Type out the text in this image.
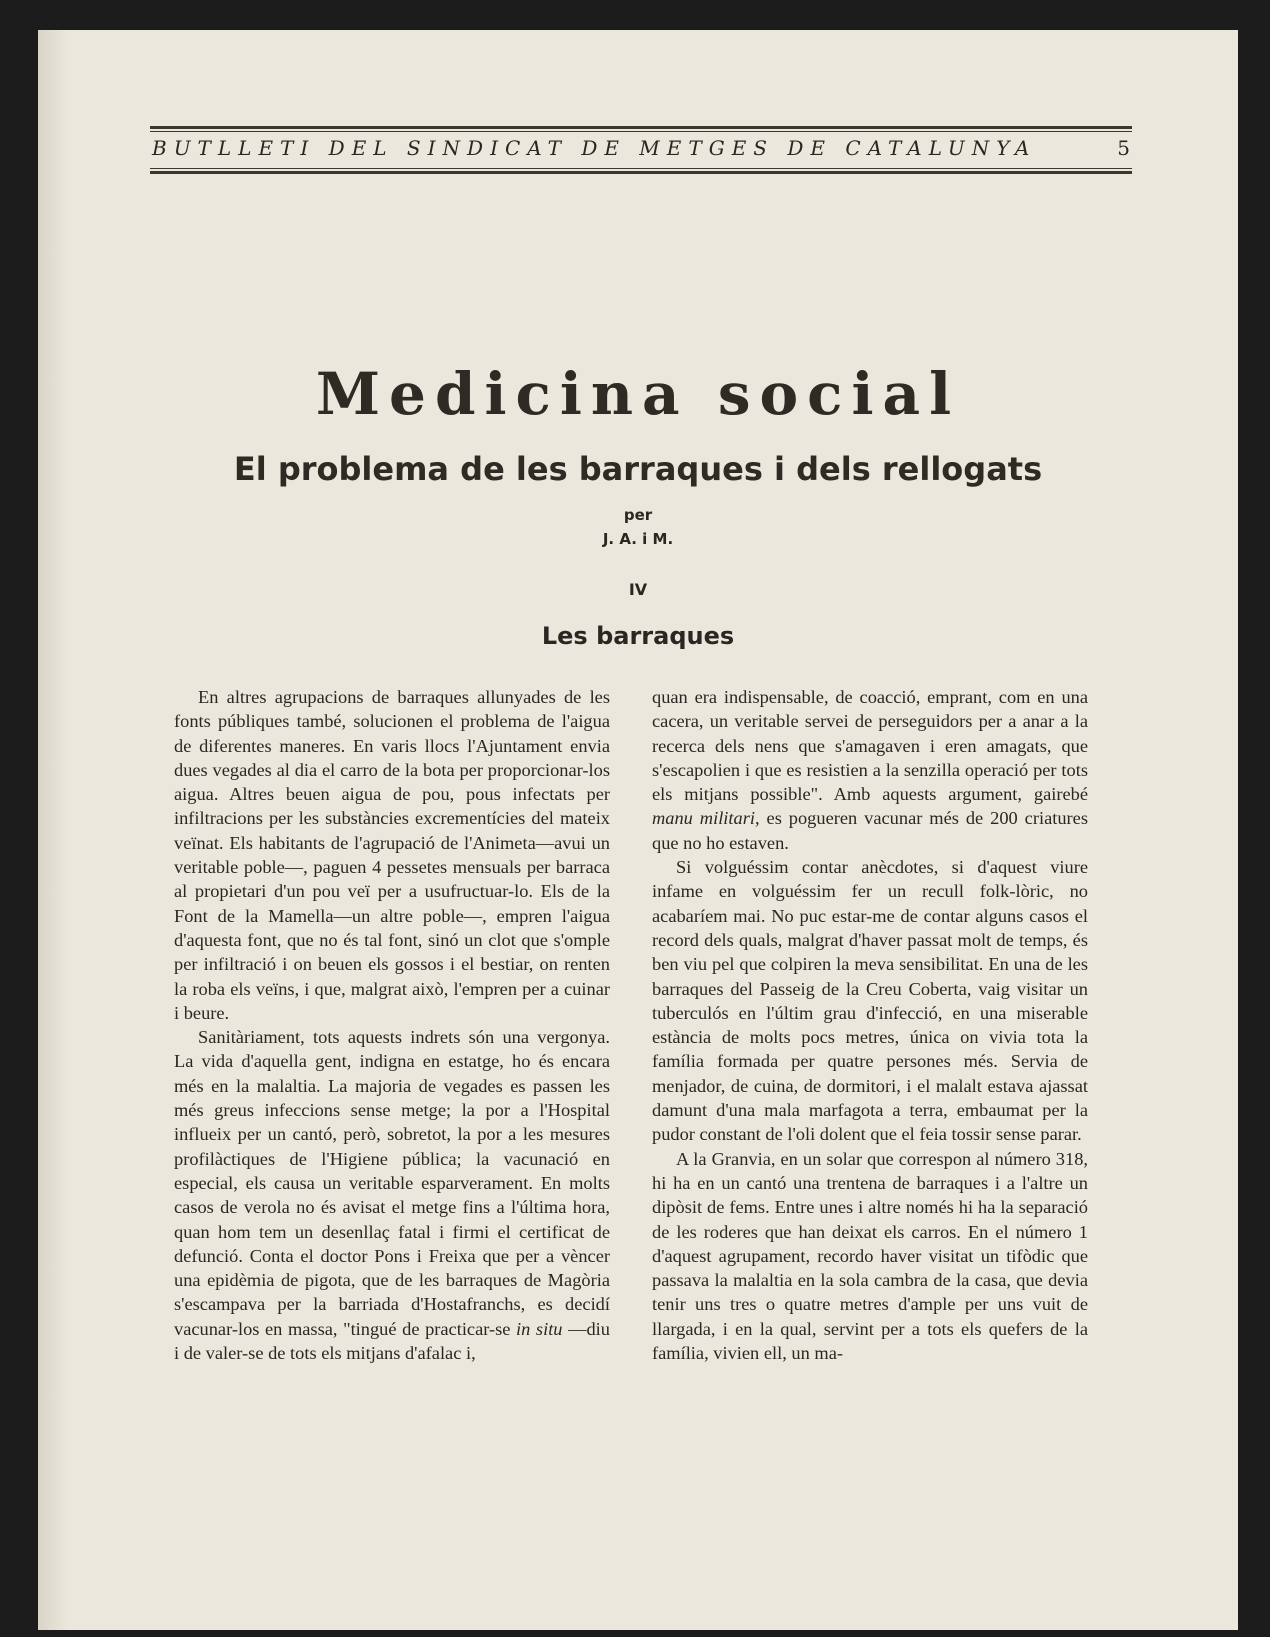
BUTLLETI DEL SINDICAT DE METGES DE CATALUNYA	5
Medicina social
El problema de les barraques i dels rellogats
per
J. A. i M.
IV
Les barraques

En altres agrupacions de barraques allunyades de les fonts públiques també, solucionen el problema de l'aigua de diferentes maneres. En varis llocs l'Ajuntament envia dues vegades al dia el carro de la bota per proporcionar-los aigua. Altres beuen aigua de pou, pous infectats per infiltracions per les substàncies excrementícies del mateix veïnat. Els habitants de l'agrupació de l'Animeta—avui un veritable poble—, paguen 4 pessetes mensuals per barraca al propietari d'un pou veï per a usufructuar-lo. Els de la Font de la Mamella—un altre poble—, empren l'aigua d'aquesta font, que no és tal font, sinó un clot que s'omple per infiltració i on beuen els gossos i el bestiar, on renten la roba els veïns, i que, malgrat això, l'empren per a cuinar i beure.

Sanitàriament, tots aquests indrets són una vergonya. La vida d'aquella gent, indigna en estatge, ho és encara més en la malaltia. La majoria de vegades es passen les més greus infeccions sense metge; la por a l'Hospital influeix per un cantó, però, sobretot, la por a les mesures profilàctiques de l'Higiene pública; la vacunació en especial, els causa un veritable esparverament. En molts casos de verola no és avisat el metge fins a l'última hora, quan hom tem un desenllaç fatal i firmi el certificat de defunció. Conta el doctor Pons i Freixa que per a vèncer una epidèmia de pigota, que de les barraques de Magòria s'escampava per la barriada d'Hostafranchs, es decidí vacunar-los en massa, "tingué de practicar-se in situ —diu i de valer-se de tots els mitjans d'afalac i,

quan era indispensable, de coacció, emprant, com en una cacera, un veritable servei de perseguidors per a anar a la recerca dels nens que s'amagaven i eren amagats, que s'escapolien i que es resistien a la senzilla operació per tots els mitjans possible". Amb aquests argument, gairebé manu militari, es pogueren vacunar més de 200 criatures que no ho estaven.

Si volguéssim contar anècdotes, si d'aquest viure infame en volguéssim fer un recull folk-lòric, no acabaríem mai. No puc estar-me de contar alguns casos el record dels quals, malgrat d'haver passat molt de temps, és ben viu pel que colpiren la meva sensibilitat. En una de les barraques del Passeig de la Creu Coberta, vaig visitar un tuberculós en l'últim grau d'infecció, en una miserable estància de molts pocs metres, única on vivia tota la família formada per quatre persones més. Servia de menjador, de cuina, de dormitori, i el malalt estava ajassat damunt d'una mala marfagota a terra, embaumat per la pudor constant de l'oli dolent que el feia tossir sense parar.

A la Granvia, en un solar que correspon al número 318, hi ha en un cantó una trentena de barraques i a l'altre un dipòsit de fems. Entre unes i altre només hi ha la separació de les roderes que han deixat els carros. En el número 1 d'aquest agrupament, recordo haver visitat un tifòdic que passava la malaltia en la sola cambra de la casa, que devia tenir uns tres o quatre metres d'ample per uns vuit de llargada, i en la qual, servint per a tots els quefers de la família, vivien ell, un ma-
